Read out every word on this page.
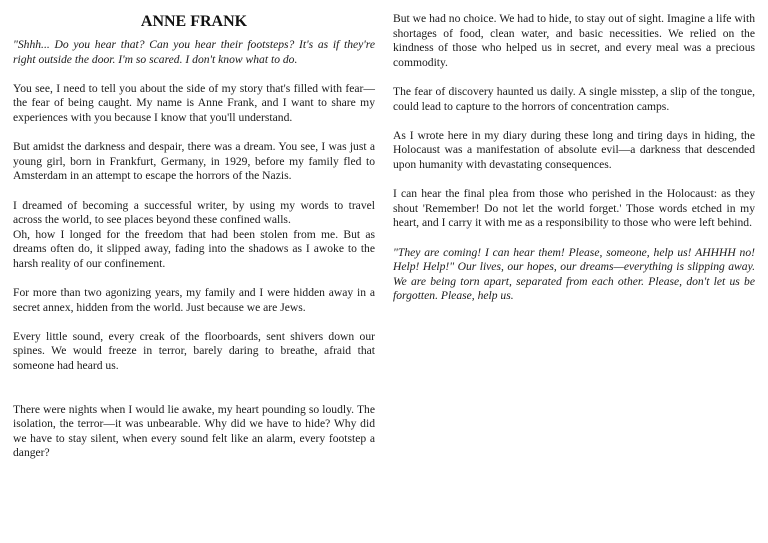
ANNE FRANK

"Shhh... Do you hear that? Can you hear their footsteps? It's as if they're right outside the door. I'm so scared. I don't know what to do.

You see, I need to tell you about the side of my story that's filled with fear—the fear of being caught. My name is Anne Frank, and I want to share my experiences with you because I know that you'll understand.

But amidst the darkness and despair, there was a dream. You see, I was just a young girl, born in Frankfurt, Germany, in 1929, before my family fled to Amsterdam in an attempt to escape the horrors of the Nazis.

I dreamed of becoming a successful writer, by using my words to travel across the world, to see places beyond these confined walls.

Oh, how I longed for the freedom that had been stolen from me. But as dreams often do, it slipped away, fading into the shadows as I awoke to the harsh reality of our confinement.

For more than two agonizing years, my family and I were hidden away in a secret annex, hidden from the world. Just because we are Jews.

Every little sound, every creak of the floorboards, sent shivers down our spines. We would freeze in terror, barely daring to breathe, afraid that someone had heard us.

There were nights when I would lie awake, my heart pounding so loudly. The isolation, the terror—it was unbearable. Why did we have to hide? Why did we have to stay silent, when every sound felt like an alarm, every footstep a danger?

But we had no choice. We had to hide, to stay out of sight. Imagine a life with shortages of food, clean water, and basic necessities. We relied on the kindness of those who helped us in secret, and every meal was a precious commodity.

The fear of discovery haunted us daily. A single misstep, a slip of the tongue, could lead to capture to the horrors of concentration camps.

As I wrote here in my diary during these long and tiring days in hiding, the Holocaust was a manifestation of absolute evil—a darkness that descended upon humanity with devastating consequences.

I can hear the final plea from those who perished in the Holocaust: as they shout 'Remember! Do not let the world forget.' Those words etched in my heart, and I carry it with me as a responsibility to those who were left behind.

"They are coming! I can hear them! Please, someone, help us! AHHHH no! Help! Help!" Our lives, our hopes, our dreams—everything is slipping away. We are being torn apart, separated from each other. Please, don't let us be forgotten. Please, help us.
